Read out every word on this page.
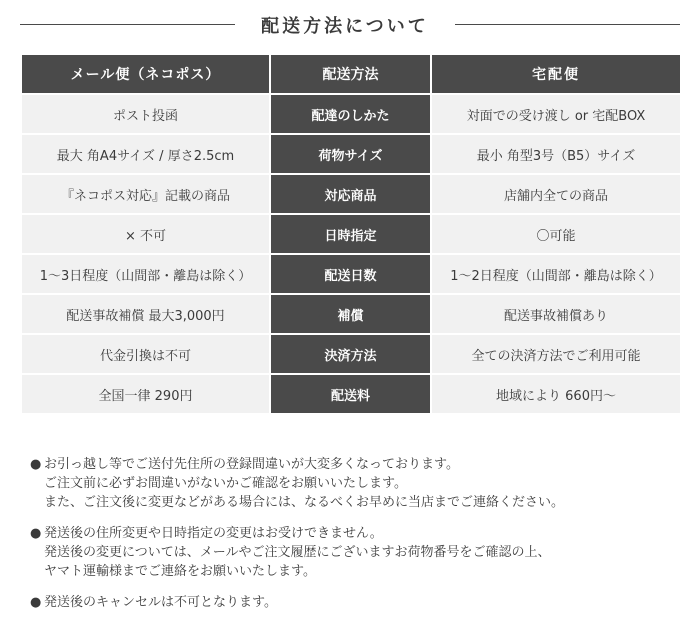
配送方法について
メール便（ネコポス）	配送方法	宅配便
ポスト投函	配達のしかた	対面での受け渡し or 宅配BOX
最大 角A4サイズ / 厚さ2.5cm	荷物サイズ	最小 角型3号（B5）サイズ
『ネコポス対応』記載の商品	対応商品	店舗内全ての商品
× 不可	日時指定	〇可能
1～3日程度（山間部・離島は除く）	配送日数	1～2日程度（山間部・離島は除く）
配送事故補償 最大3,000円	補償	配送事故補償あり
代金引換は不可	決済方法	全ての決済方法でご利用可能
全国一律 290円	配送料	地域により 660円～
● お引っ越し等でご送付先住所の登録間違いが大変多くなっております。
ご注文前に必ずお間違いがないかご確認をお願いいたします。
また、ご注文後に変更などがある場合には、なるべくお早めに当店までご連絡ください。
● 発送後の住所変更や日時指定の変更はお受けできません。
発送後の変更については、メールやご注文履歴にございますお荷物番号をご確認の上、
ヤマト運輸様までご連絡をお願いいたします。
● 発送後のキャンセルは不可となります。
